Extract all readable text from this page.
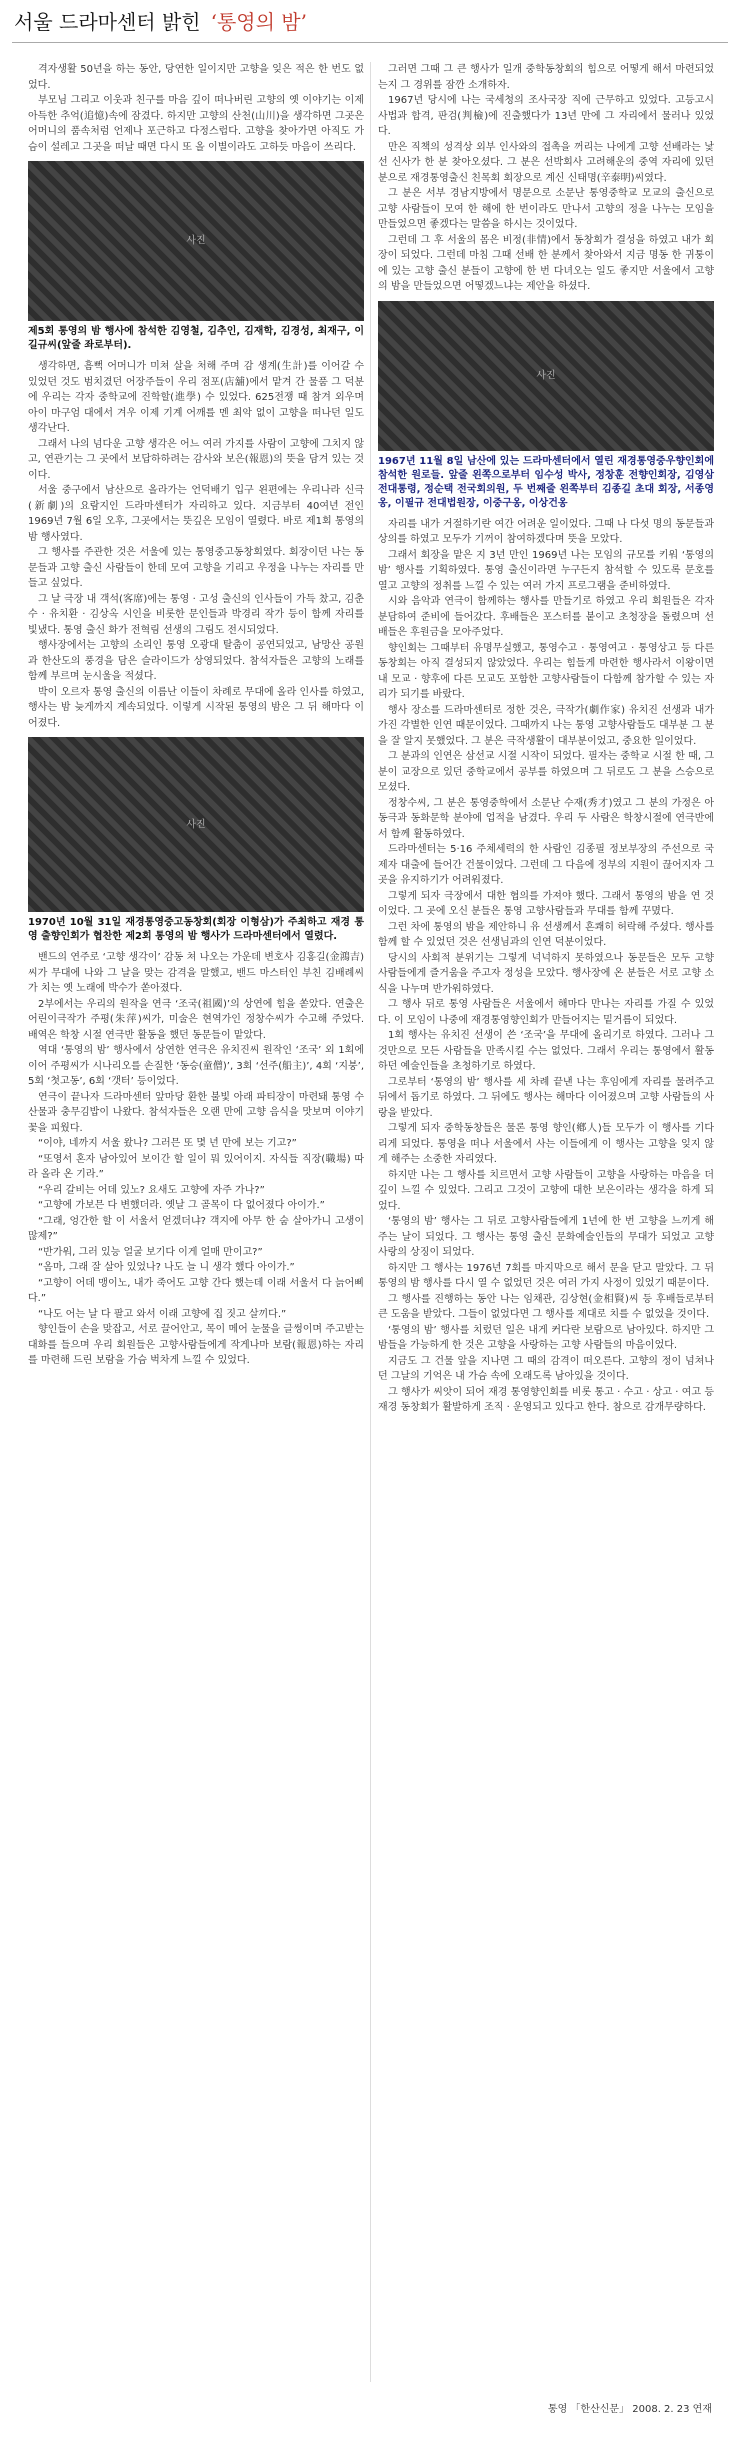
서울 드라마센터 밝힌 ‘통영의 밤’

격자생활 50년을 하는 동안, 당연한 일이지만 고향을 잊은 적은 한 번도 없었다.

부모님 그리고 이웃과 친구를 마음 깊이 떠나버린 고향의 옛 이야기는 이제 아득한 추억(追憶)속에 잠겼다. 하지만 고향의 산천(山川)을 생각하면 그곳은 어머니의 품속처럼 언제나 포근하고 다정스럽다. 고향을 찾아가면 아직도 가슴이 설레고 그곳을 떠날 때면 다시 또 올 이별이라도 고하듯 마음이 쓰리다.

사진
제5회 통영의 밤 행사에 참석한 김영철, 김추인, 김재학, 김경성, 최재구, 이길규씨(앞줄 좌로부터).

생각하면, 흠뻑 어머니가 미쳐 살을 처해 주며 감 생계(生計)를 이어갈 수 있었던 것도 범치겼던 어장주들이 우리 점포(店舖)에서 맡겨 간 물품 그 덕분에 우리는 각자 중학교에 진학할(進學) 수 있었다. 625전쟁 때 참겨 외우며 아이 마구엄 대에서 겨우 이제 기계 어깨를 멘 최악 없이 고향을 떠나던 일도 생각난다.

그래서 나의 넘다운 고향 생각은 어느 여러 가지를 사람이 고향에 그치지 않고, 연관기는 그 곳에서 보답하하려는 감사와 보은(報恩)의 뜻을 담겨 있는 것이다.

서울 중구에서 남산으로 올라가는 언덕배기 입구 왼편에는 우리나라 신극(新劇)의 요람지인 드라마센터가 자리하고 있다. 지금부터 40여년 전인 1969년 7월 6일 오후, 그곳에서는 뜻깊은 모임이 열렸다. 바로 제1회 통영의 밤 행사였다.

그 행사를 주관한 것은 서울에 있는 통영중고동창회였다. 회장이던 나는 동문들과 고향 출신 사람들이 한데 모여 고향을 기리고 우정을 나누는 자리를 만들고 싶었다.

그 날 극장 내 객석(客席)에는 통영 · 고성 출신의 인사들이 가득 찼고, 김춘수 · 유치환 · 김상옥 시인을 비롯한 문인들과 박경리 작가 등이 함께 자리를 빛냈다. 통영 출신 화가 전혁림 선생의 그림도 전시되었다.

행사장에서는 고향의 소리인 통영 오광대 탈춤이 공연되었고, 남망산 공원과 한산도의 풍경을 담은 슬라이드가 상영되었다. 참석자들은 고향의 노래를 함께 부르며 눈시울을 적셨다.

박이 오르자 통영 출신의 이름난 이들이 차례로 무대에 올라 인사를 하였고, 행사는 밤 늦게까지 계속되었다. 이렇게 시작된 통영의 밤은 그 뒤 해마다 이어졌다.

사진
1970년 10월 31일 재경통영중고동창회(회장 이형삼)가 주최하고 재경 통영 출향인회가 협찬한 제2회 통영의 밤 행사가 드라마센터에서 열렸다.

밴드의 연주로 ‘고향 생각이’ 감동 쳐 나오는 가운데 변호사 김홍길(金鴻吉)씨가 무대에 나와 그 날을 맞는 감격을 말했고, 밴드 마스터인 부친 김배례씨가 치는 옛 노래에 박수가 쏟아졌다.

2부에서는 우리의 원작을 연극 ‘조국(祖國)’의 상연에 힘을 쏟았다. 연출은 어린이극작가 주평(朱萍)씨가, 미술은 현역가인 정창수씨가 수고해 주었다. 배역은 학창 시절 연극반 활동을 했던 동문들이 맡았다.

역대 ‘통영의 밤’ 행사에서 상연한 연극은 유치진씨 원작인 ‘조국’ 외 1회에 이어 주평씨가 시나리오를 손질한 ‘동승(童僧)’, 3회 ‘선주(船主)’, 4회 ‘지붕’, 5회 ‘첫고동’, 6회 ‘갯터’ 등이었다.

연극이 끝나자 드라마센터 앞마당 환한 불빛 아래 파티장이 마련돼 통영 수산물과 충무김밥이 나왔다. 참석자들은 오랜 만에 고향 음식을 맛보며 이야기꽃을 피웠다.

“이야, 네까지 서울 왔나? 그러믄 또 몇 년 만에 보는 기고?”

“또영서 혼자 남아있어 보이간 할 일이 뭐 있어이지. 자식들 직장(職場) 따라 올라 온 기라.”

“우리 갈비는 어데 있노? 요새도 고향에 자주 가나?”

“고향에 가보믄 다 변했더라. 옛날 그 골목이 다 없어졌다 아이가.”

“그래, 엉간한 할 이 서울서 얻겠더냐? 객지에 아무 한 숨 살아가니 고생이 많제?”

“반가워, 그러 있능 얼굴 보기다 이게 얼매 만이고?”

“옴마, 그래 잘 살아 있었나? 나도 늘 니 생각 했다 아이가.”

“고향이 어데 맹이노, 내가 죽어도 고향 간다 했는데 이래 서울서 다 늙어삐다.”

“나도 어는 날 다 팔고 와서 이래 고향에 집 짓고 살끼다.”

향인들이 손을 맞잡고, 서로 끌어안고, 목이 메어 눈물을 글썽이며 주고받는 대화를 들으며 우리 회원들은 고향사람들에게 작게나마 보람(報恩)하는 자리를 마련해 드린 보람을 가슴 벅차게 느낄 수 있었다.

그러면 그때 그 큰 행사가 일개 중학동창회의 힘으로 어떻게 해서 마련되었는지 그 경위를 잠깐 소개하자.

1967년 당시에 나는 국세청의 조사국장 직에 근무하고 있었다. 고등고시 사법과 합격, 판검(判檢)에 진출했다가 13년 만에 그 자리에서 물러나 있었다.

만은 직책의 성격상 외부 인사와의 접촉을 꺼리는 나에게 고향 선배라는 낯선 신사가 한 분 찾아오셨다. 그 분은 선박회사 고려해운의 중역 자리에 있던 분으로 재경통영출신 친목회 회장으로 계신 신태명(辛泰明)씨였다.

그 분은 서부 경남지방에서 명문으로 소문난 통영중학교 모교의 출신으로 고향 사람들이 모여 한 해에 한 번이라도 만나서 고향의 정을 나누는 모임을 만들었으면 좋겠다는 말씀을 하시는 것이었다.

그런데 그 후 서울의 몸은 비정(非情)에서 동창회가 결성을 하였고 내가 회장이 되었다. 그런데 마침 그때 선배 한 분께서 찾아와서 지금 명동 한 귀퉁이에 있는 고향 출신 분들이 고향에 한 번 다녀오는 일도 좋지만 서울에서 고향의 밤을 만들었으면 어떻겠느냐는 제안을 하셨다.

사진
1967년 11월 8일 남산에 있는 드라마센터에서 열린 재경통영중우향인회에 참석한 원로들. 앞줄 왼쪽으로부터 임수성 박사, 정창훈 전향인회장, 김영삼 전대통령, 정순택 전국회의원, 두 번째줄 왼쪽부터 김종길 초대 회장, 서종영옹, 이필규 전대법원장, 이중구옹, 이상건옹

자리를 내가 거절하기란 여간 어려운 일이었다. 그때 나 다섯 명의 동문들과 상의를 하였고 모두가 기꺼이 참여하겠다며 뜻을 모았다.

그래서 회장을 맡은 지 3년 만인 1969년 나는 모임의 규모를 키워 ‘통영의 밤’ 행사를 기획하였다. 통영 출신이라면 누구든지 참석할 수 있도록 문호를 열고 고향의 정취를 느낄 수 있는 여러 가지 프로그램을 준비하였다.

시와 음악과 연극이 함께하는 행사를 만들기로 하였고 우리 회원들은 각자 분담하여 준비에 들어갔다. 후배들은 포스터를 붙이고 초청장을 돌렸으며 선배들은 후원금을 모아주었다.

향인회는 그때부터 유명무실했고, 통영수고 · 통영여고 · 통영상고 등 다른 동창회는 아직 결성되지 않았었다. 우리는 힘들게 마련한 행사라서 이왕이면 내 모교 · 향후에 다른 모교도 포함한 고향사람들이 다함께 참가할 수 있는 자리가 되기를 바랐다.

행사 장소를 드라마센터로 정한 것은, 극작가(劇作家) 유치진 선생과 내가 가진 각별한 인연 때문이었다. 그때까지 나는 통영 고향사람들도 대부분 그 분을 잘 알지 못했었다. 그 분은 극작생활이 대부분이었고, 중요한 일이었다.

그 분과의 인연은 삼선교 시절 시작이 되었다. 필자는 중학교 시절 한 때, 그 분이 교장으로 있던 중학교에서 공부를 하였으며 그 뒤로도 그 분을 스승으로 모셨다.

정창수씨, 그 분은 통영중학에서 소문난 수재(秀才)였고 그 분의 가정은 아동극과 동화문학 분야에 업적을 남겼다. 우리 두 사람은 학창시절에 연극반에서 함께 활동하였다.

드라마센터는 5·16 주체세력의 한 사람인 김종필 정보부장의 주선으로 국제자 대출에 들어간 건물이었다. 그런데 그 다음에 정부의 지원이 끊어지자 그 곳을 유지하기가 어려워졌다.

그렇게 되자 극장에서 대한 협의를 가져야 했다. 그래서 통영의 밤을 연 것이었다. 그 곳에 오신 분들은 통영 고향사람들과 무대를 함께 꾸몄다.

그런 차에 통영의 밤을 제안하니 유 선생께서 흔쾌히 허락해 주셨다. 행사를 함께 할 수 있었던 것은 선생님과의 인연 덕분이었다.

당시의 사회적 분위기는 그렇게 넉넉하지 못하였으나 동문들은 모두 고향 사람들에게 즐거움을 주고자 정성을 모았다. 행사장에 온 분들은 서로 고향 소식을 나누며 반가워하였다.

그 행사 뒤로 통영 사람들은 서울에서 해마다 만나는 자리를 가질 수 있었다. 이 모임이 나중에 재경통영향인회가 만들어지는 밑거름이 되었다.

1회 행사는 유치진 선생이 쓴 ‘조국’을 무대에 올리기로 하였다. 그러나 그것만으로 모든 사람들을 만족시킬 수는 없었다. 그래서 우리는 통영에서 활동하던 예술인들을 초청하기로 하였다.

그로부터 ‘통영의 밤’ 행사를 세 차례 끝낸 나는 후임에게 자리를 물려주고 뒤에서 돕기로 하였다. 그 뒤에도 행사는 해마다 이어졌으며 고향 사람들의 사랑을 받았다.

그렇게 되자 중학동창들은 물론 통영 향인(鄕人)들 모두가 이 행사를 기다리게 되었다. 통영을 떠나 서울에서 사는 이들에게 이 행사는 고향을 잊지 않게 해주는 소중한 자리였다.

하지만 나는 그 행사를 치르면서 고향 사람들이 고향을 사랑하는 마음을 더 깊이 느낄 수 있었다. 그리고 그것이 고향에 대한 보은이라는 생각을 하게 되었다.

‘통영의 밤’ 행사는 그 뒤로 고향사람들에게 1년에 한 번 고향을 느끼게 해주는 날이 되었다. 그 행사는 통영 출신 문화예술인들의 무대가 되었고 고향 사랑의 상징이 되었다.

하지만 그 행사는 1976년 7회를 마지막으로 해서 문을 닫고 말았다. 그 뒤 통영의 밤 행사를 다시 열 수 없었던 것은 여러 가지 사정이 있었기 때문이다.

그 행사를 진행하는 동안 나는 임채관, 김상현(金相賢)씨 등 후배들로부터 큰 도움을 받았다. 그들이 없었다면 그 행사를 제대로 치를 수 없었을 것이다.

‘통영의 밤’ 행사를 치렀던 일은 내게 커다란 보람으로 남아있다. 하지만 그 밤들을 가능하게 한 것은 고향을 사랑하는 고향 사람들의 마음이었다.

지금도 그 건물 앞을 지나면 그 때의 감격이 떠오른다. 고향의 정이 넘쳐나던 그날의 기억은 내 가슴 속에 오래도록 남아있을 것이다.

그 행사가 씨앗이 되어 재경 통영향인회를 비롯 통고 · 수고 · 상고 · 여고 등 재경 동창회가 활발하게 조직 · 운영되고 있다고 한다. 참으로 감개무량하다.

통영 「한산신문」 2008. 2. 23 연재
